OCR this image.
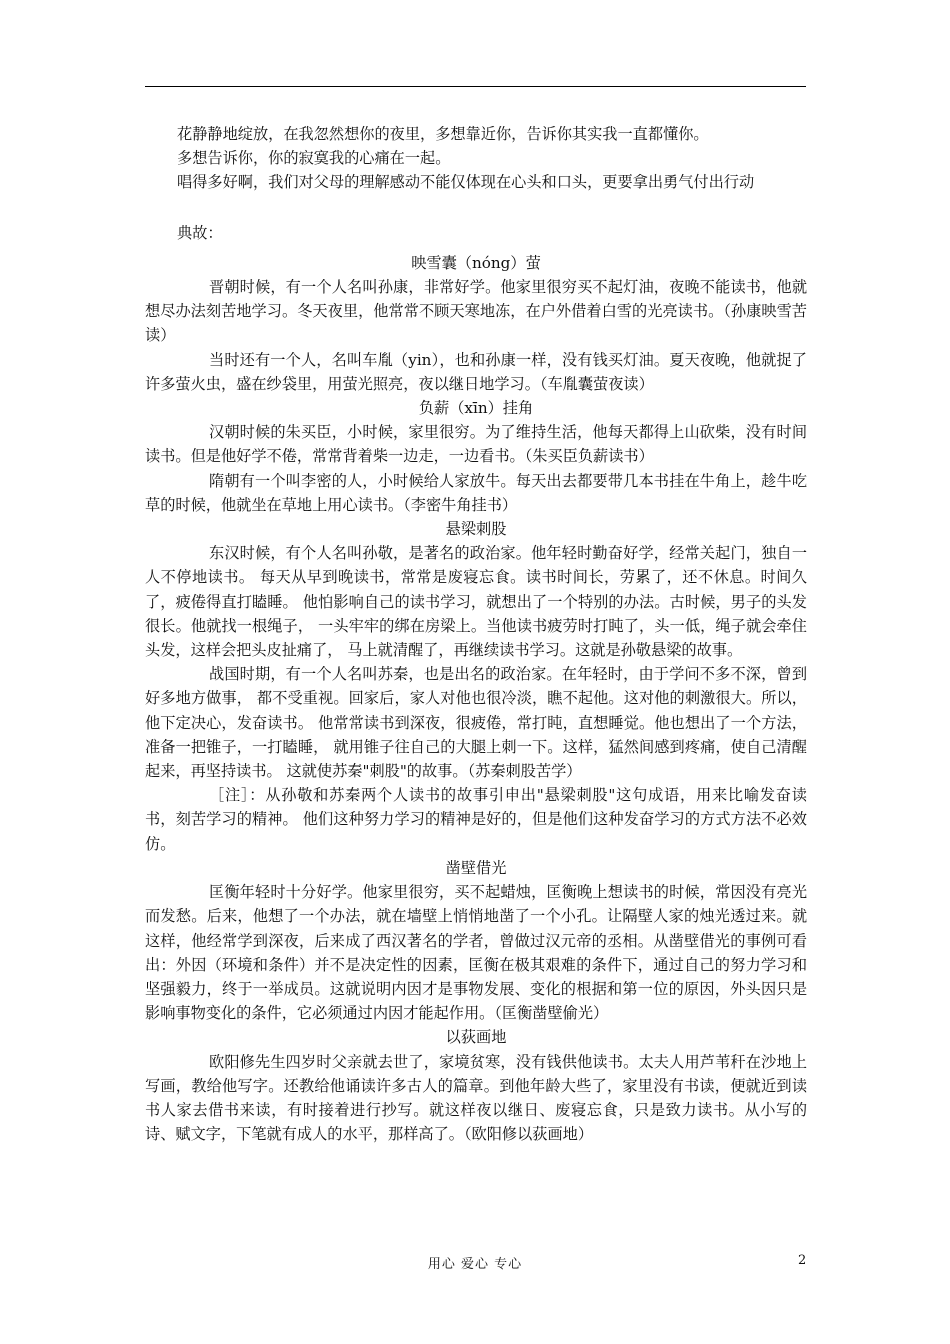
花静静地绽放，在我忽然想你的夜里，多想靠近你，告诉你其实我一直都懂你。

多想告诉你，你的寂寞我的心痛在一起。

唱得多好啊，我们对父母的理解感动不能仅体现在心头和口头，更要拿出勇气付出行动

典故：

映雪囊（nóng）萤

晋朝时候，有一个人名叫孙康，非常好学。他家里很穷买不起灯油，夜晚不能读书，他就想尽办法刻苦地学习。冬天夜里，他常常不顾天寒地冻，在户外借着白雪的光亮读书。（孙康映雪苦读）

当时还有一个人，名叫车胤（yin），也和孙康一样，没有钱买灯油。夏天夜晚，他就捉了许多萤火虫，盛在纱袋里，用萤光照亮，夜以继日地学习。（车胤囊萤夜读）

负薪（xīn）挂角

汉朝时候的朱买臣，小时候，家里很穷。为了维持生活，他每天都得上山砍柴，没有时间读书。但是他好学不倦，常常背着柴一边走，一边看书。（朱买臣负薪读书）

隋朝有一个叫李密的人，小时候给人家放牛。每天出去都要带几本书挂在牛角上，趁牛吃草的时候，他就坐在草地上用心读书。（李密牛角挂书）

悬梁刺股

东汉时候，有个人名叫孙敬，是著名的政治家。他年轻时勤奋好学，经常关起门，独自一人不停地读书。 每天从早到晚读书，常常是废寝忘食。读书时间长，劳累了，还不休息。时间久了，疲倦得直打瞌睡。 他怕影响自己的读书学习，就想出了一个特别的办法。古时候，男子的头发很长。他就找一根绳子， 一头牢牢的绑在房梁上。当他读书疲劳时打盹了，头一低，绳子就会牵住头发，这样会把头皮扯痛了， 马上就清醒了，再继续读书学习。这就是孙敬悬梁的故事。

战国时期，有一个人名叫苏秦，也是出名的政治家。在年轻时，由于学问不多不深，曾到好多地方做事， 都不受重视。回家后，家人对他也很冷淡，瞧不起他。这对他的刺激很大。所以，他下定决心，发奋读书。 他常常读书到深夜，很疲倦，常打盹，直想睡觉。他也想出了一个方法，准备一把锥子，一打瞌睡， 就用锥子往自己的大腿上刺一下。这样，猛然间感到疼痛，使自己清醒起来，再坚持读书。 这就使苏秦"刺股"的故事。（苏秦刺股苦学）

［注］：从孙敬和苏秦两个人读书的故事引申出"悬梁刺股"这句成语，用来比喻发奋读书，刻苦学习的精神。 他们这种努力学习的精神是好的，但是他们这种发奋学习的方式方法不必效仿。

凿壁借光

匡衡年轻时十分好学。他家里很穷，买不起蜡烛，匡衡晚上想读书的时候，常因没有亮光而发愁。后来，他想了一个办法，就在墙壁上悄悄地凿了一个小孔。让隔壁人家的烛光透过来。就这样，他经常学到深夜，后来成了西汉著名的学者，曾做过汉元帝的丞相。从凿壁借光的事例可看出：外因（环境和条件）并不是决定性的因素，匡衡在极其艰难的条件下，通过自己的努力学习和坚强毅力，终于一举成员。这就说明内因才是事物发展、变化的根据和第一位的原因，外头因只是影响事物变化的条件，它必须通过内因才能起作用。（匡衡凿壁偷光）

以荻画地

欧阳修先生四岁时父亲就去世了，家境贫寒，没有钱供他读书。太夫人用芦苇秆在沙地上写画，教给他写字。还教给他诵读许多古人的篇章。到他年龄大些了，家里没有书读，便就近到读书人家去借书来读，有时接着进行抄写。就这样夜以继日、废寝忘食，只是致力读书。从小写的诗、赋文字，下笔就有成人的水平，那样高了。（欧阳修以荻画地）

用心 爱心 专心	2
